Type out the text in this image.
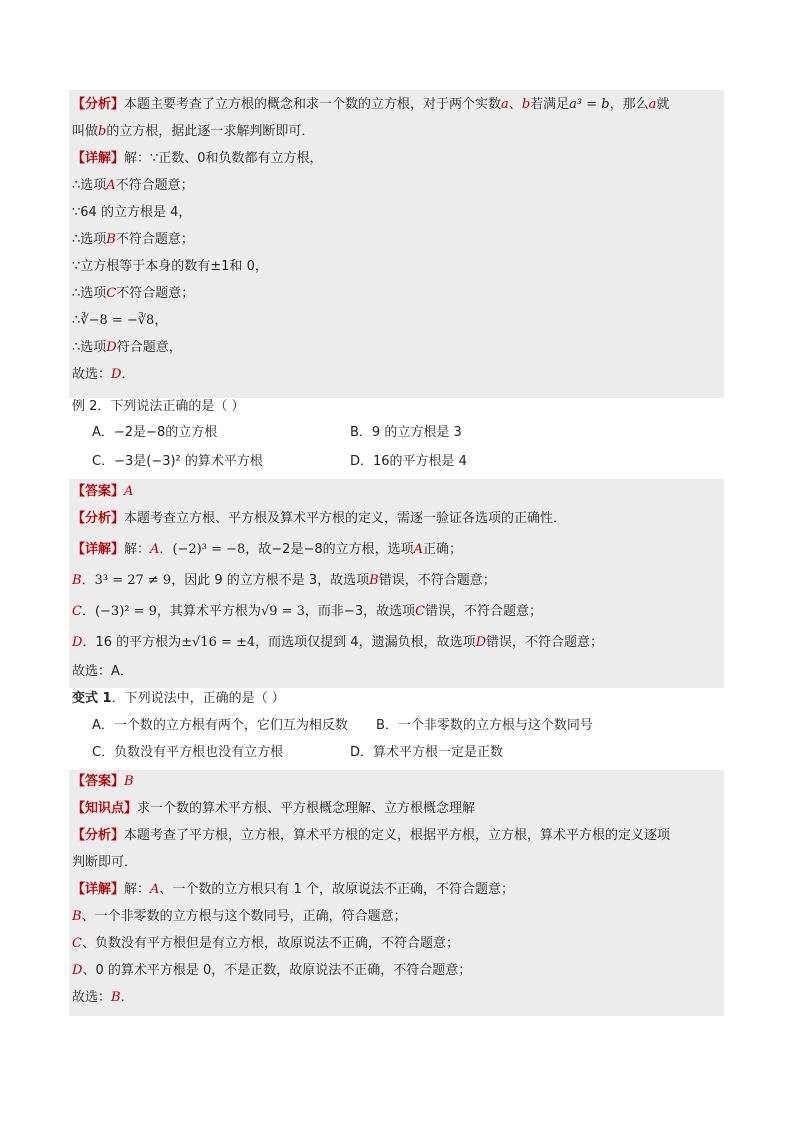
【分析】本题主要考查了立方根的概念和求一个数的立方根，对于两个实数a、b若满足a³ = b，那么a就
叫做b的立方根，据此逐一求解判断即可．
【详解】解：∵正数、0和负数都有立方根，
∴选项A不符合题意；
∵64 的立方根是 4，
∴选项B不符合题意；
∵立方根等于本身的数有±1和 0，
∴选项C不符合题意；
∴∛−8 = −∛8，
∴选项D符合题意，
故选：D．
例 2．下列说法正确的是（ ）
A．−2是−8的立方根	B．9 的立方根是 3
C．−3是(−3)² 的算术平方根	D．16的平方根是 4
【答案】A
【分析】本题考查立方根、平方根及算术平方根的定义，需逐一验证各选项的正确性．
【详解】解：A．(−2)³ = −8，故−2是−8的立方根，选项A正确；
B．3³ = 27 ≠ 9，因此 9 的立方根不是 3，故选项B错误，不符合题意；
C．(−3)² = 9，其算术平方根为√9 = 3，而非−3，故选项C错误，不符合题意；
D．16 的平方根为±√16 = ±4，而选项仅提到 4，遗漏负根，故选项D错误，不符合题意；
故选：A．
变式 1．下列说法中，正确的是（ ）
A．一个数的立方根有两个，它们互为相反数 B．一个非零数的立方根与这个数同号
C．负数没有平方根也没有立方根	D．算术平方根一定是正数
【答案】B
【知识点】求一个数的算术平方根、平方根概念理解、立方根概念理解
【分析】本题考查了平方根，立方根，算术平方根的定义，根据平方根，立方根，算术平方根的定义逐项
判断即可．
【详解】解：A、一个数的立方根只有 1 个，故原说法不正确，不符合题意；
B、一个非零数的立方根与这个数同号，正确，符合题意；
C、负数没有平方根但是有立方根，故原说法不正确，不符合题意；
D、0 的算术平方根是 0，不是正数，故原说法不正确，不符合题意；
故选：B．
